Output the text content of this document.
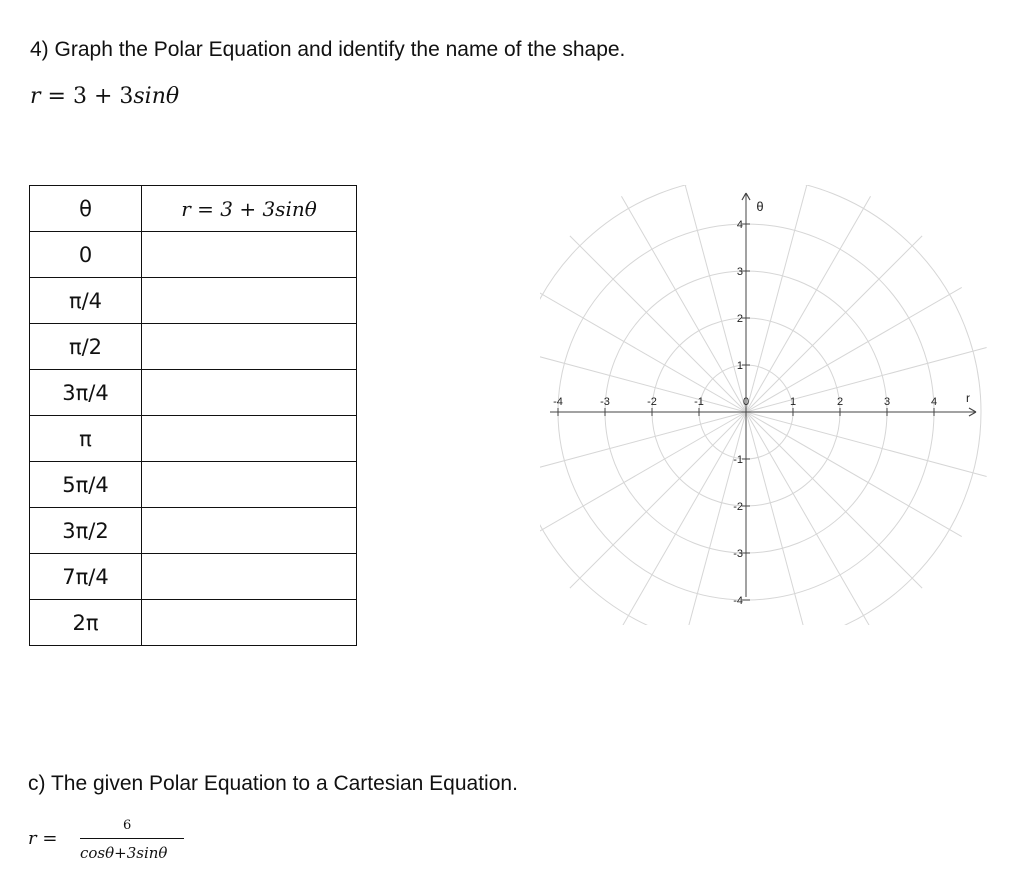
4) Graph the Polar Equation and identify the name of the shape.
r = 3 + 3sinθ
θ	r = 3 + 3sinθ
0	
π/4	
π/2	
3π/4	
π	
5π/4	
3π/2	
7π/4	
2π	
-4	-3	-2	-1	0	1	2	3	4
4
3
2
1
-1
-2
-3
-4
r
θ
c) The given Polar Equation to a Cartesian Equation.
r =
6
cosθ+3sinθ
